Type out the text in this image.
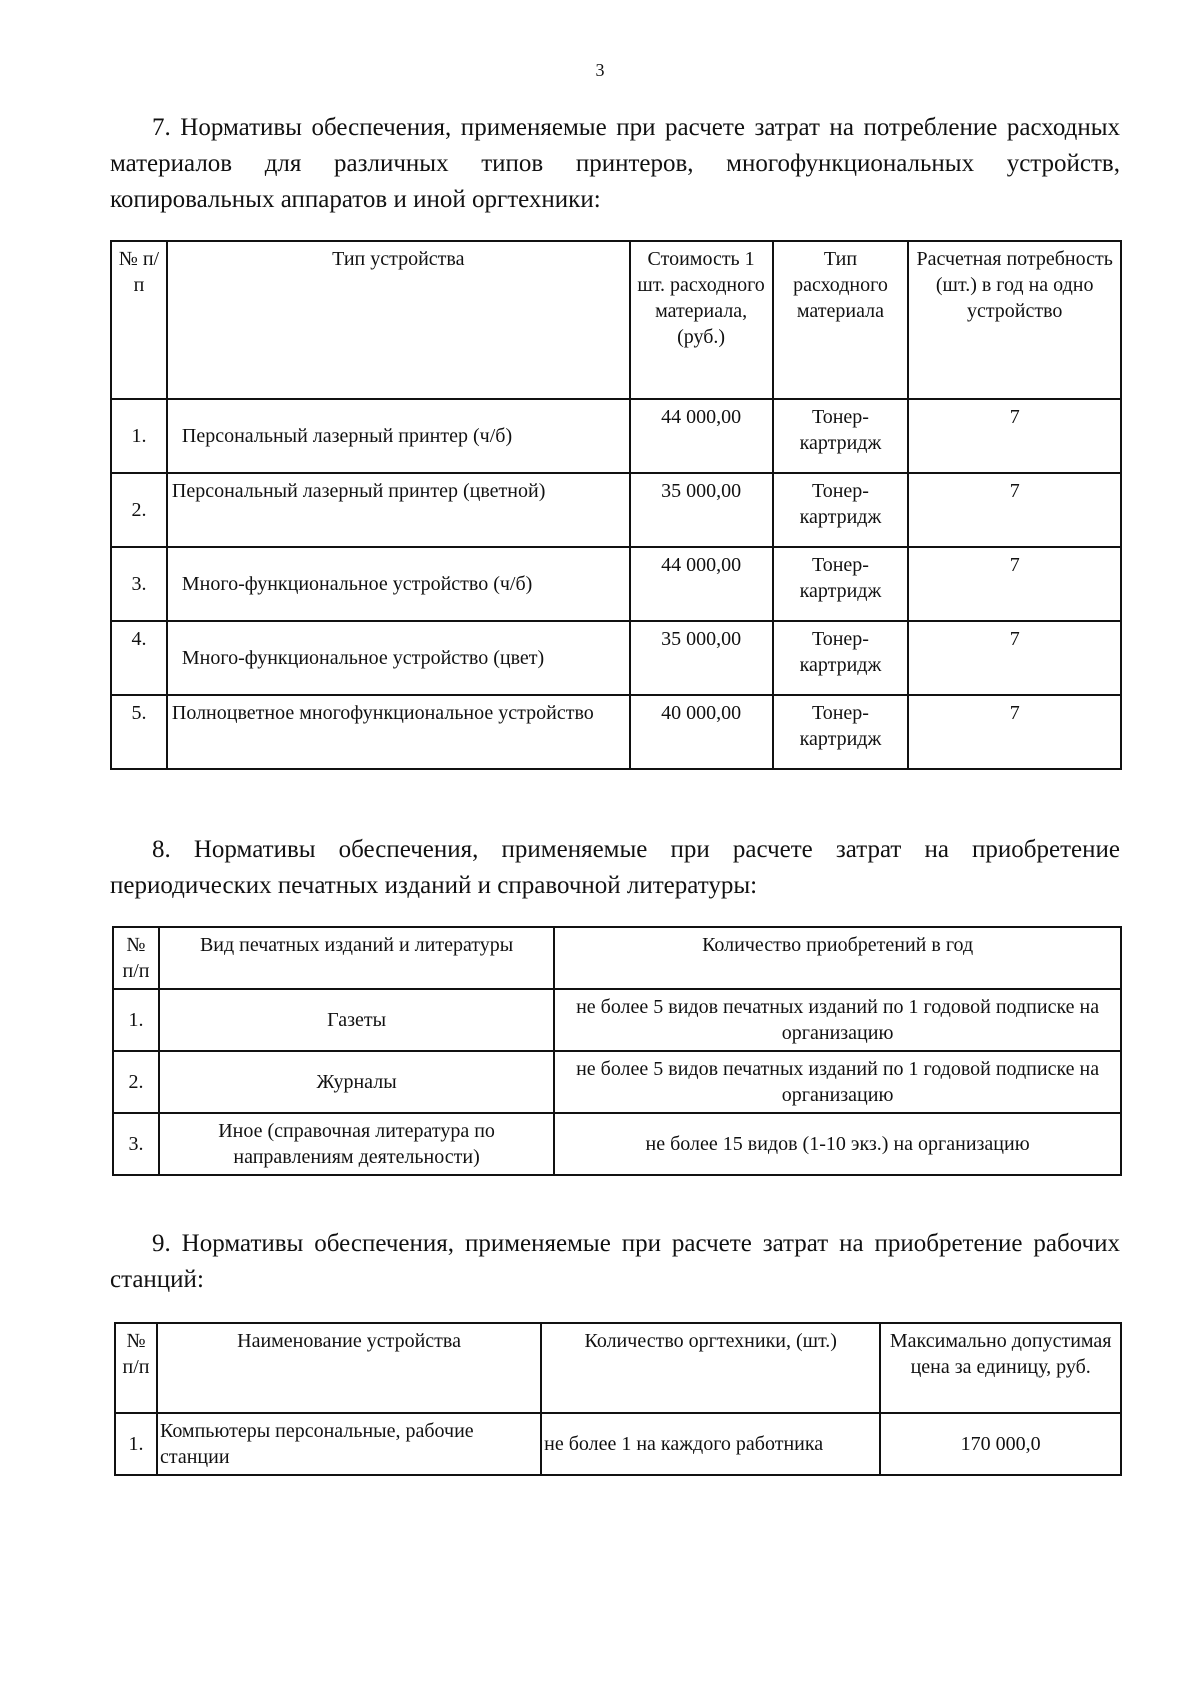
3

7. Нормативы обеспечения, применяемые при расчете затрат на потребление расходных материалов для различных типов принтеров, многофункциональных устройств, копировальных аппаратов и иной оргтехники:

№ п/п	Тип устройства	Стоимость 1 шт. расходного материала, (руб.)	Тип расходного материала	Расчетная потребность (шт.) в год на одно устройство
1.	Персональный лазерный принтер (ч/б)	44 000,00	Тонер-картридж	7
2.	Персональный лазерный принтер (цветной)	35 000,00	Тонер-картридж	7
3.	Много-функциональное устройство (ч/б)	44 000,00	Тонер-картридж	7
4.	Много-функциональное устройство (цвет)	35 000,00	Тонер-картридж	7
5.	Полноцветное многофункциональное устройство	40 000,00	Тонер-картридж	7

8. Нормативы обеспечения, применяемые при расчете затрат на приобретение периодических печатных изданий и справочной литературы:

№ п/п	Вид печатных изданий и литературы	Количество приобретений в год
1.	Газеты	не более 5 видов печатных изданий по 1 годовой подписке на организацию
2.	Журналы	не более 5 видов печатных изданий по 1 годовой подписке на организацию
3.	Иное (справочная литература по направлениям деятельности)	не более 15 видов (1-10 экз.) на организацию

9. Нормативы обеспечения, применяемые при расчете затрат на приобретение рабочих станций:

№ п/п	Наименование устройства	Количество оргтехники, (шт.)	Максимально допустимая цена за единицу, руб.
1.	Компьютеры персональные, рабочие станции	не более 1 на каждого работника	170 000,0
